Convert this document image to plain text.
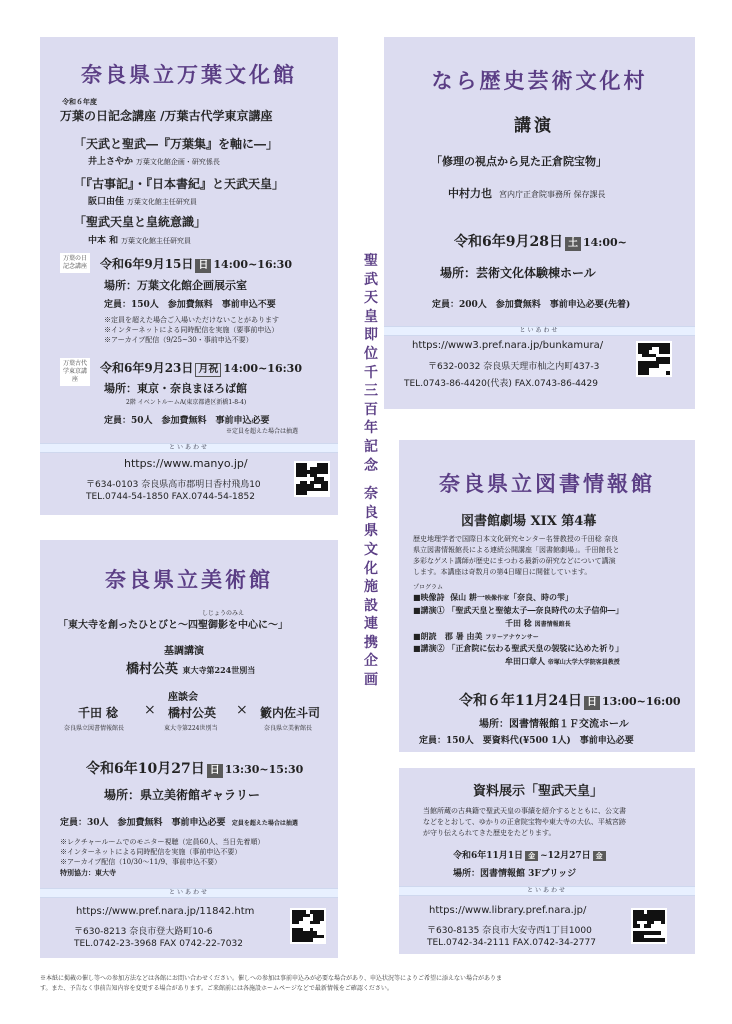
奈良県立万葉文化館

令和６年度

万葉の日記念講座 /万葉古代学東京講座

「天武と聖武―『万葉集』を軸に―」

井上さやか 万葉文化館企画・研究係長

「『古事記』・『日本書紀』と天武天皇」

阪口由佳 万葉文化館主任研究員

「聖武天皇と皇統意識」

中本 和 万葉文化館主任研究員

万葉の日記念講座 令和6年9月15日 日 14:00~16:30

場所：万葉文化館企画展示室

定員：150人　参加費無料　事前申込不要

※定員を超えた場合ご入場いただけないことがあります

※インターネットによる同時配信を実施（要事前申込）

※アーカイブ配信（9/25~30・事前申込不要）

万葉古代学東京講座

令和6年9月23日 月祝 14:00~16:30

場所：東京・奈良まほろば館

2階 イベントルームA(東京都港区新橋1-8-4)

定員：50人　参加費無料　事前申込必要

※定員を超えた場合は抽選

といあわせ

https://www.manyo.jp/

〒634-0103 奈良県高市郡明日香村飛鳥10

TEL.0744-54-1850 FAX.0744-54-1852

なら歴史芸術文化村

講演

「修理の視点から見た正倉院宝物」

中村力也 宮内庁正倉院事務所 保存課長

令和6年9月28日 土 14:00~

場所：芸術文化体験棟ホール

定員：200人　参加費無料　事前申込必要(先着)

といあわせ

https://www3.pref.nara.jp/bunkamura/

〒632-0032 奈良県天理市杣之内町437-3

TEL.0743-86-4420(代表) FAX.0743-86-4429

聖
武
天
皇
即
位
千
三
百
年
記
念
奈
良
県
文
化
施
設
連
携
企
画
奈良県立図書情報館

図書館劇場 XIX 第4幕

歴史地理学者で国際日本文化研究センター名誉教授の千田稔 奈良

県立図書情報館長による連続公開講座「図書館劇場」。千田館長と

多彩なゲスト講師が歴史にまつわる最新の研究などについて講演

します。本講座は奇数月の第4日曜日に開催しています。

プログラム

■映像詩 保山 耕一映像作家「奈良、時の雫」

■講演① 「聖武天皇と聖徳太子―奈良時代の太子信仰―」

千田 稔 図書情報館長

■朗読 郡 暑 由美 フリーアナウンサー

■講演② 「正倉院に伝わる聖武天皇の袈裟に込めた祈り」

牟田口章人 帝塚山大学大学院客員教授

令和６年11月24日 日 13:00~16:00

場所：図書情報館１Ｆ交流ホール

定員：150人　要資料代(¥500 1人)　事前申込必要

資料展示「聖武天皇」

当館所蔵の古典籍で聖武天皇の事績を紹介するとともに、公文書

などをとおして、ゆかりの正倉院宝物や東大寺の大仏、平城宮跡

が守り伝えられてきた歴史をたどります。

令和6年11月1日 金 ~12月27日 金

場所：図書情報館 3Fブリッジ

といあわせ

https://www.library.pref.nara.jp/

〒630-8135 奈良市大安寺西1丁目1000

TEL.0742-34-2111 FAX.0742-34-2777

奈良県立美術館

「東大寺を創ったひとびと～四聖
しじょうのみえ
御影を中心に～」

基調講演

橋村公英 東大寺第224世別当

座談会

千田 稔

奈良県立図書情報館長

× 橋村公英

東大寺第224世別当

× 籔内佐斗司

奈良県立美術館長

令和6年10月27日 日 13:30~15:30

場所：県立美術館ギャラリー

定員：30人　参加費無料　事前申込必要 定員を超えた場合は抽選

※レクチャールームでのモニター視聴（定員60人、当日先着順）

※インターネットによる同時配信を実施（事前申込不要）

※アーカイブ配信（10/30～11/9、事前申込不要）

特別協力：東大寺

といあわせ

https://www.pref.nara.jp/11842.htm

〒630-8213 奈良市登大路町10-6

TEL.0742-23-3968 FAX 0742-22-7032

※本紙に掲載の催し等への参加方法などは各館にお問い合わせください。催しへの参加は事前申込みが必要な場合があり、申込状況等によりご希望に添えない場合がありま
す。また、予告なく事前告知内容を変更する場合があります。ご来館前には各施設ホームページなどで最新情報をご確認ください。
